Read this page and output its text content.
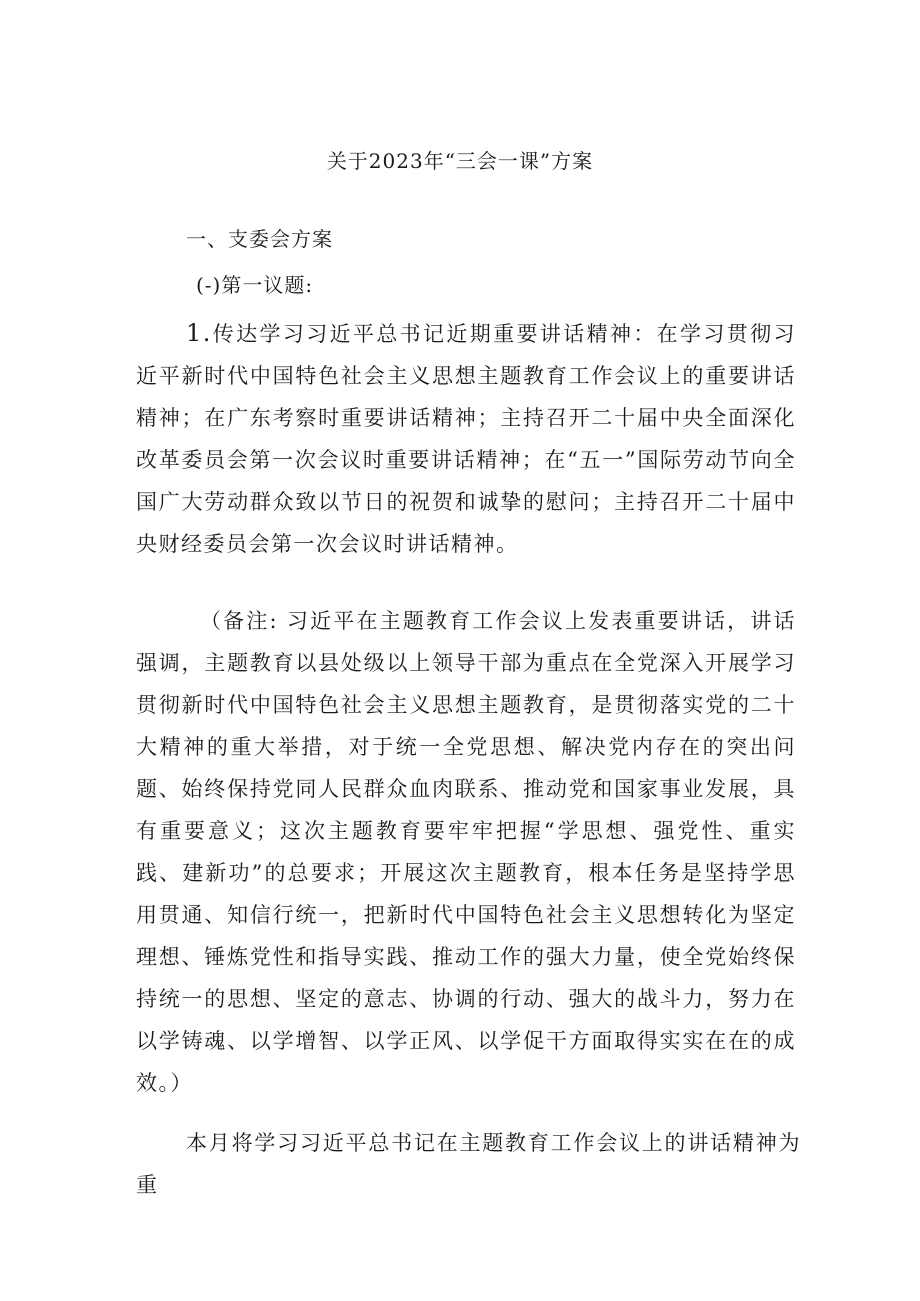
关于2023年“三会一课”方案
一、支委会方案
(-)第一议题:

1.传达学习习近平总书记近期重要讲话精神：在学习贯彻习近平新时代中国特色社会主义思想主题教育工作会议上的重要讲话精神；在广东考察时重要讲话精神；主持召开二十届中央全面深化改革委员会第一次会议时重要讲话精神；在“五一”国际劳动节向全国广大劳动群众致以节日的祝贺和诚挚的慰问；主持召开二十届中央财经委员会第一次会议时讲话精神。

（备注: 习近平在主题教育工作会议上发表重要讲话，讲话强调，主题教育以县处级以上领导干部为重点在全党深入开展学习贯彻新时代中国特色社会主义思想主题教育，是贯彻落实党的二十大精神的重大举措，对于统一全党思想、解决党内存在的突出问题、始终保持党同人民群众血肉联系、推动党和国家事业发展，具有重要意义；这次主题教育要牢牢把握“学思想、强党性、重实践、建新功”的总要求；开展这次主题教育，根本任务是坚持学思用贯通、知信行统一，把新时代中国特色社会主义思想转化为坚定理想、锤炼党性和指导实践、推动工作的强大力量，使全党始终保持统一的思想、坚定的意志、协调的行动、强大的战斗力，努力在以学铸魂、以学增智、以学正风、以学促干方面取得实实在在的成效。）

本月将学习习近平总书记在主题教育工作会议上的讲话精神为重
